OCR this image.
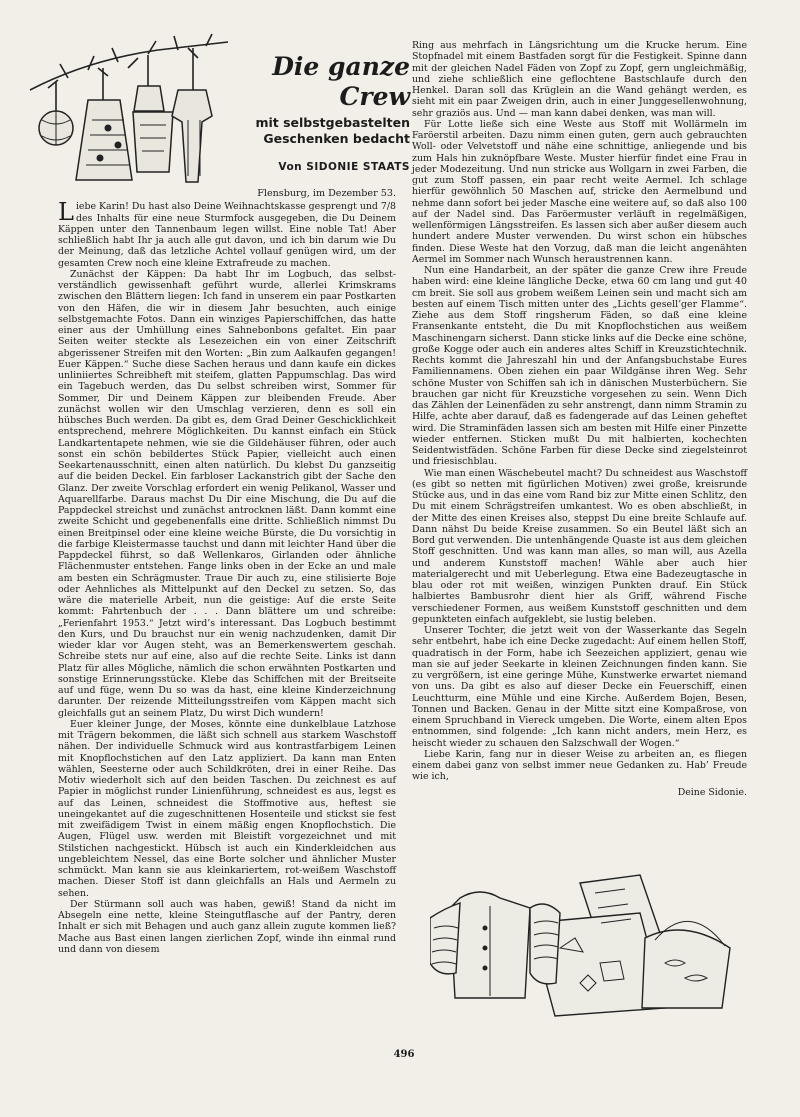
Die ganze Crew
mit selbstgebastelten Geschenken bedacht
Von SIDONIE STAATS
Flensburg, im Dezember 53.
L iebe Karin! Du hast also Deine Weihnachtskasse gesprengt und 7/8 des Inhalts für eine neue Sturmfock ausgegeben, die Du Deinem Käppen unter den Tannenbaum legen willst. Eine noble Tat! Aber schließlich habt Ihr ja auch alle gut davon, und ich bin darum wie Du der Meinung, daß das letzliche Achtel vollauf genügen wird, um der gesamten Crew noch eine kleine Extrafreude zu machen.

Zunächst der Käppen: Da habt Ihr im Logbuch, das selbstverständlich gewissenhaft geführt wurde, allerlei Krimskrams zwischen den Blättern liegen: Ich fand in unserem ein paar Postkarten von den Häfen, die wir in diesem Jahr besuchten, auch einige selbstgemachte Fotos. Dann ein winziges Papierschiffchen, das hatte einer aus der Umhüllung eines Sahnebonbons gefaltet. Ein paar Seiten weiter steckte als Lesezeichen ein von einer Zeitschrift abgerissener Streifen mit den Worten: „Bin zum Aalkaufen gegangen! Euer Käppen.“ Suche diese Sachen heraus und dann kaufe ein dickes unliniiertes Schreibheft mit steifem, glatten Pappumschlag. Das wird ein Tagebuch werden, das Du selbst schreiben wirst, Sommer für Sommer, Dir und Deinem Käppen zur bleibenden Freude. Aber zunächst wollen wir den Umschlag verzieren, denn es soll ein hübsches Buch werden. Da gibt es, dem Grad Deiner Geschicklichkeit entsprechend, mehrere Möglichkeiten. Du kannst einfach ein Stück Landkartentapete nehmen, wie sie die Gildehäuser führen, oder auch sonst ein schön bebildertes Stück Papier, vielleicht auch einen Seekartenausschnitt, einen alten natürlich. Du klebst Du ganzseitig auf die beiden Deckel. Ein farbloser Lackanstrich gibt der Sache den Glanz. Der zweite Vorschlag erfordert ein wenig Pelikanol, Wasser und Aquarellfarbe. Daraus machst Du Dir eine Mischung, die Du auf die Pappdeckel streichst und zunächst antrocknen läßt. Dann kommt eine zweite Schicht und gegebenenfalls eine dritte. Schließlich nimmst Du einen Breitpinsel oder eine kleine weiche Bürste, die Du vorsichtig in die farbige Kleistermasse tauchst und dann mit leichter Hand über die Pappdeckel führst, so daß Wellenkaros, Girlanden oder ähnliche Flächenmuster entstehen. Fange links oben in der Ecke an und male am besten ein Schrägmuster. Traue Dir auch zu, eine stilisierte Boje oder Aehnliches als Mittelpunkt auf den Deckel zu setzen. So, das wäre die materielle Arbeit, nun die geistige: Auf die erste Seite kommt: Fahrtenbuch der . . . Dann blättere um und schreibe: „Ferienfahrt 1953.“ Jetzt wird’s interessant. Das Logbuch bestimmt den Kurs, und Du brauchst nur ein wenig nachzudenken, damit Dir wieder klar vor Augen steht, was an Bemerkenswertem geschah. Schreibe stets nur auf eine, also auf die rechte Seite. Links ist dann Platz für alles Mögliche, nämlich die schon erwähnten Postkarten und sonstige Erinnerungsstücke. Klebe das Schiffchen mit der Breitseite auf und füge, wenn Du so was da hast, eine kleine Kinderzeichnung darunter. Der reizende Mitteilungsstreifen vom Käppen macht sich gleichfalls gut an seinem Platz, Du wirst Dich wundern!

Euer kleiner Junge, der Moses, könnte eine dunkelblaue Latzhose mit Trägern bekommen, die läßt sich schnell aus starkem Waschstoff nähen. Der individuelle Schmuck wird aus kontrastfarbigem Leinen mit Knopflochstichen auf den Latz appliziert. Da kann man Enten wählen, Seesterne oder auch Schildkröten, drei in einer Reihe. Das Motiv wiederholt sich auf den beiden Taschen. Du zeichnest es auf Papier in möglichst runder Linienführung, schneidest es aus, legst es auf das Leinen, schneidest die Stoffmotive aus, heftest sie uneingekantet auf die zugeschnittenen Hosenteile und stickst sie fest mit zweifädigem Twist in einem mäßig engen Knopflochstich. Die Augen, Flügel usw. werden mit Bleistift vorgezeichnet und mit Stilstichen nachgestickt. Hübsch ist auch ein Kinderkleidchen aus ungebleichtem Nessel, das eine Borte solcher und ähnlicher Muster schmückt. Man kann sie aus kleinkariertem, rot-weißem Waschstoff machen. Dieser Stoff ist dann gleichfalls an Hals und Aermeln zu sehen.

Der Stürmann soll auch was haben, gewiß! Stand da nicht im Absegeln eine nette, kleine Steingutflasche auf der Pantry, deren Inhalt er sich mit Behagen und auch ganz allein zugute kommen ließ? Mache aus Bast einen langen zierlichen Zopf, winde ihn einmal rund und dann von diesem

Ring aus mehrfach in Längsrichtung um die Krucke herum. Eine Stopfnadel mit einem Bastfaden sorgt für die Festigkeit. Spinne dann mit der gleichen Nadel Fäden von Zopf zu Zopf, gern ungleichmäßig, und ziehe schließlich eine geflochtene Bastschlaufe durch den Henkel. Daran soll das Krüglein an die Wand gehängt werden, es sieht mit ein paar Zweigen drin, auch in einer Junggesellenwohnung, sehr graziös aus. Und — man kann dabei denken, was man will.

Für Lotte ließe sich eine Weste aus Stoff mit Wollärmeln im Faröerstil arbeiten. Dazu nimm einen guten, gern auch gebrauchten Woll- oder Velvetstoff und nähe eine schnittige, anliegende und bis zum Hals hin zuknöpfbare Weste. Muster hierfür findet eine Frau in jeder Modezeitung. Und nun stricke aus Wollgarn in zwei Farben, die gut zum Stoff passen, ein paar recht weite Aermel. Ich schlage hierfür gewöhnlich 50 Maschen auf, stricke den Aermelbund und nehme dann sofort bei jeder Masche eine weitere auf, so daß also 100 auf der Nadel sind. Das Faröermuster verläuft in regelmäßigen, wellenförmigen Längsstreifen. Es lassen sich aber außer diesem auch hundert andere Muster verwenden. Du wirst schon ein hübsches finden. Diese Weste hat den Vorzug, daß man die leicht angenähten Aermel im Sommer nach Wunsch heraustrennen kann.

Nun eine Handarbeit, an der später die ganze Crew ihre Freude haben wird: eine kleine längliche Decke, etwa 60 cm lang und gut 40 cm breit. Sie soll aus grobem weißem Leinen sein und macht sich am besten auf einem Tisch mitten unter des „Lichts gesell’ger Flamme“. Ziehe aus dem Stoff ringsherum Fäden, so daß eine kleine Fransenkante entsteht, die Du mit Knopflochstichen aus weißem Maschinengarn sicherst. Dann sticke links auf die Decke eine schöne, große Kogge oder auch ein anderes altes Schiff in Kreuzstichtechnik. Rechts kommt die Jahreszahl hin und der Anfangsbuchstabe Eures Familiennamens. Oben ziehen ein paar Wildgänse ihren Weg. Sehr schöne Muster von Schiffen sah ich in dänischen Musterbüchern. Sie brauchen gar nicht für Kreuzstiche vorgesehen zu sein. Wenn Dich das Zählen der Leinenfäden zu sehr anstrengt, dann nimm Stramin zu Hilfe, achte aber darauf, daß es fadengerade auf das Leinen geheftet wird. Die Straminfäden lassen sich am besten mit Hilfe einer Pinzette wieder entfernen. Sticken mußt Du mit halbierten, kochechten Seidentwistfäden. Schöne Farben für diese Decke sind ziegelsteinrot und friesischblau.

Wie man einen Wäschebeutel macht? Du schneidest aus Waschstoff (es gibt so netten mit figürlichen Motiven) zwei große, kreisrunde Stücke aus, und in das eine vom Rand biz zur Mitte einen Schlitz, den Du mit einem Schrägstreifen umkantest. Wo es oben abschließt, in der Mitte des einen Kreises also, steppst Du eine breite Schlaufe auf. Dann nähst Du beide Kreise zusammen. So ein Beutel läßt sich an Bord gut verwenden. Die untenhängende Quaste ist aus dem gleichen Stoff geschnitten. Und was kann man alles, so man will, aus Azella und anderem Kunststoff machen! Wähle aber auch hier materialgerecht und mit Ueberlegung. Etwa eine Badezeugtasche in blau oder rot mit weißen, winzigen Punkten drauf. Ein Stück halbiertes Bambusrohr dient hier als Griff, während Fische verschiedener Formen, aus weißem Kunststoff geschnitten und dem gepunkteten einfach aufgeklebt, sie lustig beleben.

Unserer Tochter, die jetzt weit von der Wasserkante das Segeln sehr entbehrt, habe ich eine Decke zugedacht: Auf einem hellen Stoff, quadratisch in der Form, habe ich Seezeichen appliziert, genau wie man sie auf jeder Seekarte in kleinen Zeichnungen finden kann. Sie zu vergrößern, ist eine geringe Mühe, Kunstwerke erwartet niemand von uns. Da gibt es also auf dieser Decke ein Feuerschiff, einen Leuchtturm, eine Mühle und eine Kirche. Außerdem Bojen, Besen, Tonnen und Backen. Genau in der Mitte sitzt eine Kompaßrose, von einem Spruchband in Viereck umgeben. Die Worte, einem alten Epos entnommen, sind folgende: „Ich kann nicht anders, mein Herz, es heischt wieder zu schauen den Salzschwall der Wogen.“

Liebe Karin, fang nur in dieser Weise zu arbeiten an, es fliegen einem dabei ganz von selbst immer neue Gedanken zu. Hab’ Freude wie ich,

Deine Sidonie.
496
